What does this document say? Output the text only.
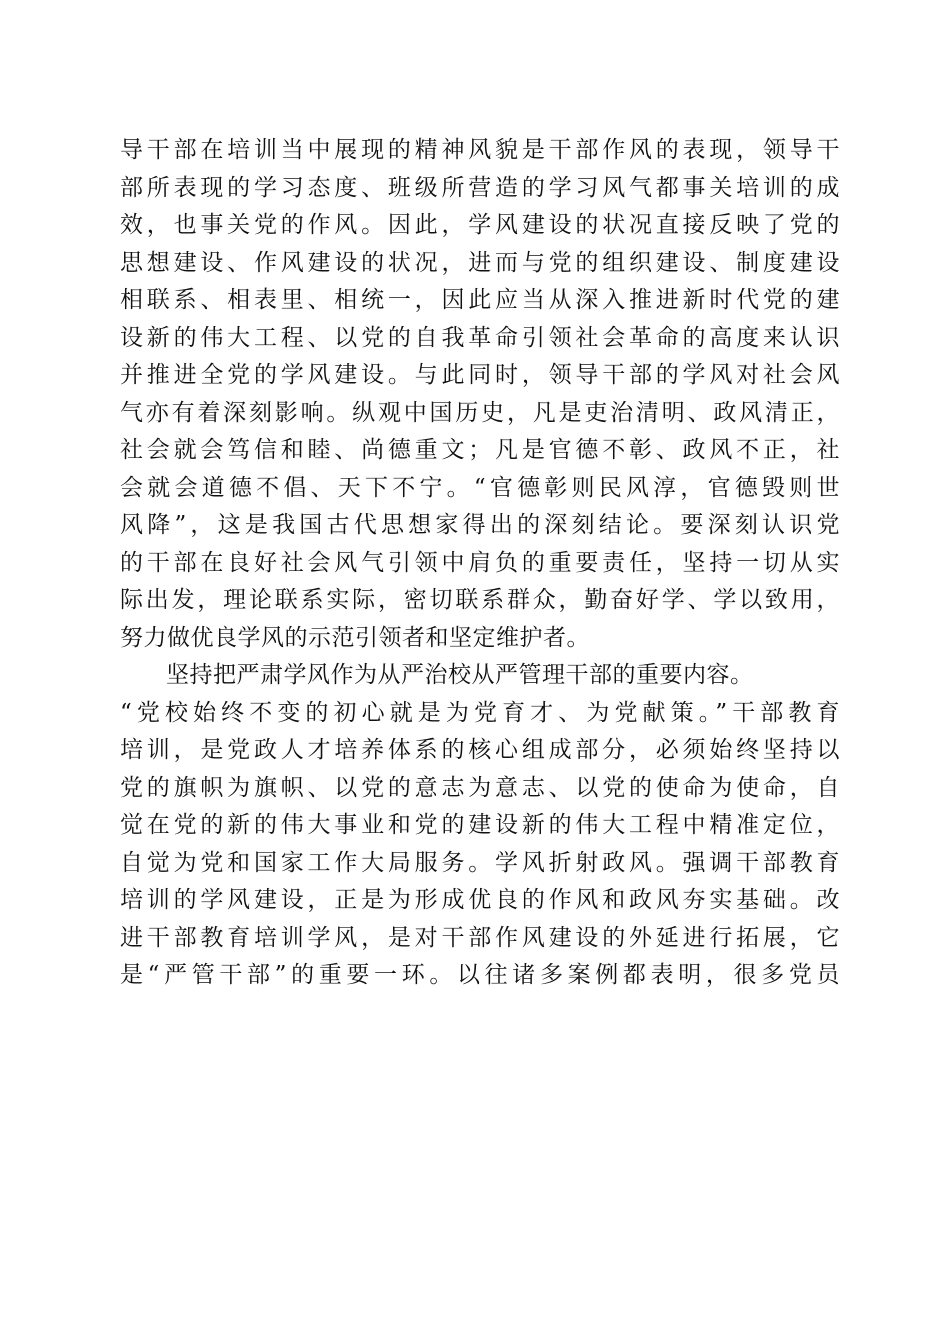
导干部在培训当中展现的精神风貌是干部作风的表现，领导干
部所表现的学习态度、班级所营造的学习风气都事关培训的成
效，也事关党的作风。因此，学风建设的状况直接反映了党的
思想建设、作风建设的状况，进而与党的组织建设、制度建设
相联系、相表里、相统一，因此应当从深入推进新时代党的建
设新的伟大工程、以党的自我革命引领社会革命的高度来认识
并推进全党的学风建设。与此同时，领导干部的学风对社会风
气亦有着深刻影响。纵观中国历史，凡是吏治清明、政风清正，
社会就会笃信和睦、尚德重文；凡是官德不彰、政风不正，社
会就会道德不倡、天下不宁。“官德彰则民风淳，官德毁则世
风降”，这是我国古代思想家得出的深刻结论。要深刻认识党
的干部在良好社会风气引领中肩负的重要责任，坚持一切从实
际出发，理论联系实际，密切联系群众，勤奋好学、学以致用，
努力做优良学风的示范引领者和坚定维护者。
坚持把严肃学风作为从严治校从严管理干部的重要内容。
“党校始终不变的初心就是为党育才、为党献策。”干部教育
培训，是党政人才培养体系的核心组成部分，必须始终坚持以
党的旗帜为旗帜、以党的意志为意志、以党的使命为使命，自
觉在党的新的伟大事业和党的建设新的伟大工程中精准定位，
自觉为党和国家工作大局服务。学风折射政风。强调干部教育
培训的学风建设，正是为形成优良的作风和政风夯实基础。改
进干部教育培训学风，是对干部作风建设的外延进行拓展，它
是“严管干部”的重要一环。以往诸多案例都表明，很多党员
